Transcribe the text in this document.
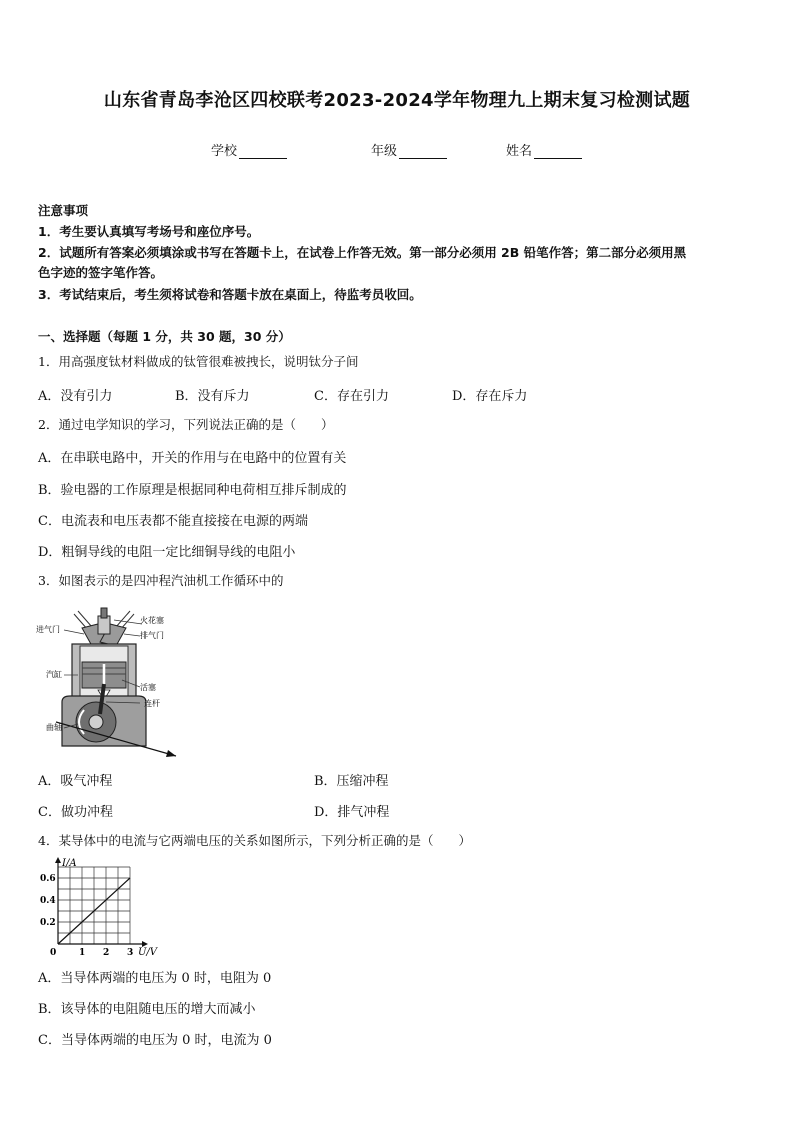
山东省青岛李沧区四校联考2023-2024学年物理九上期末复习检测试题
学校	年级	姓名
注意事项
1．考生要认真填写考场号和座位序号。
2．试题所有答案必须填涂或书写在答题卡上，在试卷上作答无效。第一部分必须用 2B 铅笔作答；第二部分必须用黑
色字迹的签字笔作答。
3．考试结束后，考生须将试卷和答题卡放在桌面上，待监考员收回。
一、选择题（每题 1 分，共 30 题，30 分）
1．用高强度钛材料做成的钛管很难被拽长，说明钛分子间
A．没有引力	B．没有斥力	C．存在引力	D．存在斥力
2．通过电学知识的学习，下列说法正确的是（　　）
A．在串联电路中，开关的作用与在电路中的位置有关
B．验电器的工作原理是根据同种电荷相互排斥制成的
C．电流表和电压表都不能直接接在电源的两端
D．粗铜导线的电阻一定比细铜导线的电阻小
3．如图表示的是四冲程汽油机工作循环中的
进气门
火花塞
排气门
汽缸
活塞
连杆
曲轴
A．吸气冲程	B．压缩冲程
C．做功冲程	D．排气冲程
4．某导体中的电流与它两端电压的关系如图所示，下列分析正确的是（　　）
0	1 2 3
0.2
0.4
0.6
I/A
U/V
A．当导体两端的电压为 0 时，电阻为 0
B．该导体的电阻随电压的增大而减小
C．当导体两端的电压为 0 时，电流为 0
